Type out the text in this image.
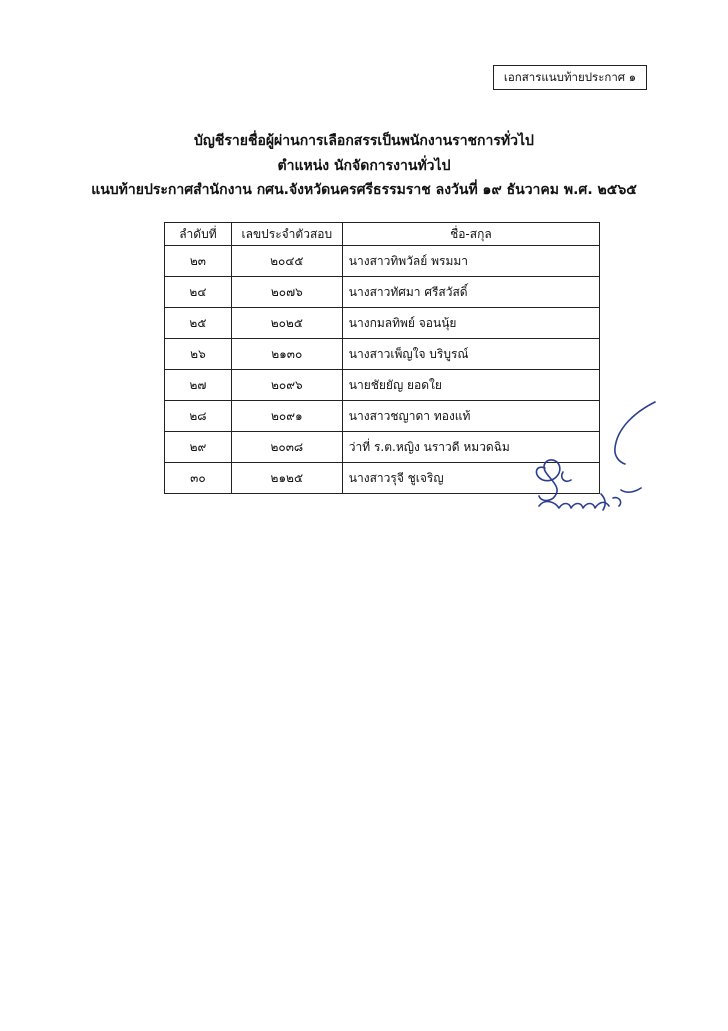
เอกสารแนบท้ายประกาศ ๑
บัญชีรายชื่อผู้ผ่านการเลือกสรรเป็นพนักงานราชการทั่วไป
ตำแหน่ง นักจัดการงานทั่วไป
แนบท้ายประกาศสำนักงาน กศน.จังหวัดนครศรีธรรมราช ลงวันที่ ๑๙ ธันวาคม พ.ศ. ๒๕๖๕
ลำดับที่	เลขประจำตัวสอบ	ชื่อ-สกุล
๒๓	๒๐๔๕	นางสาวทิพวัลย์ พรมมา
๒๔	๒๐๗๖	นางสาวทัศมา ศรีสวัสดิ์
๒๕	๒๐๒๕	นางกมลทิพย์ จอนนุ้ย
๒๖	๒๑๓๐	นางสาวเพ็ญใจ บริบูรณ์
๒๗	๒๐๙๖	นายชัยยัญ ยอดใย
๒๘	๒๐๙๑	นางสาวชญาดา ทองแท้
๒๙	๒๐๓๘	ว่าที่ ร.ต.หญิง นราวดี หมวดฉิม
๓๐	๒๑๒๕	นางสาวรุจี ชูเจริญ
